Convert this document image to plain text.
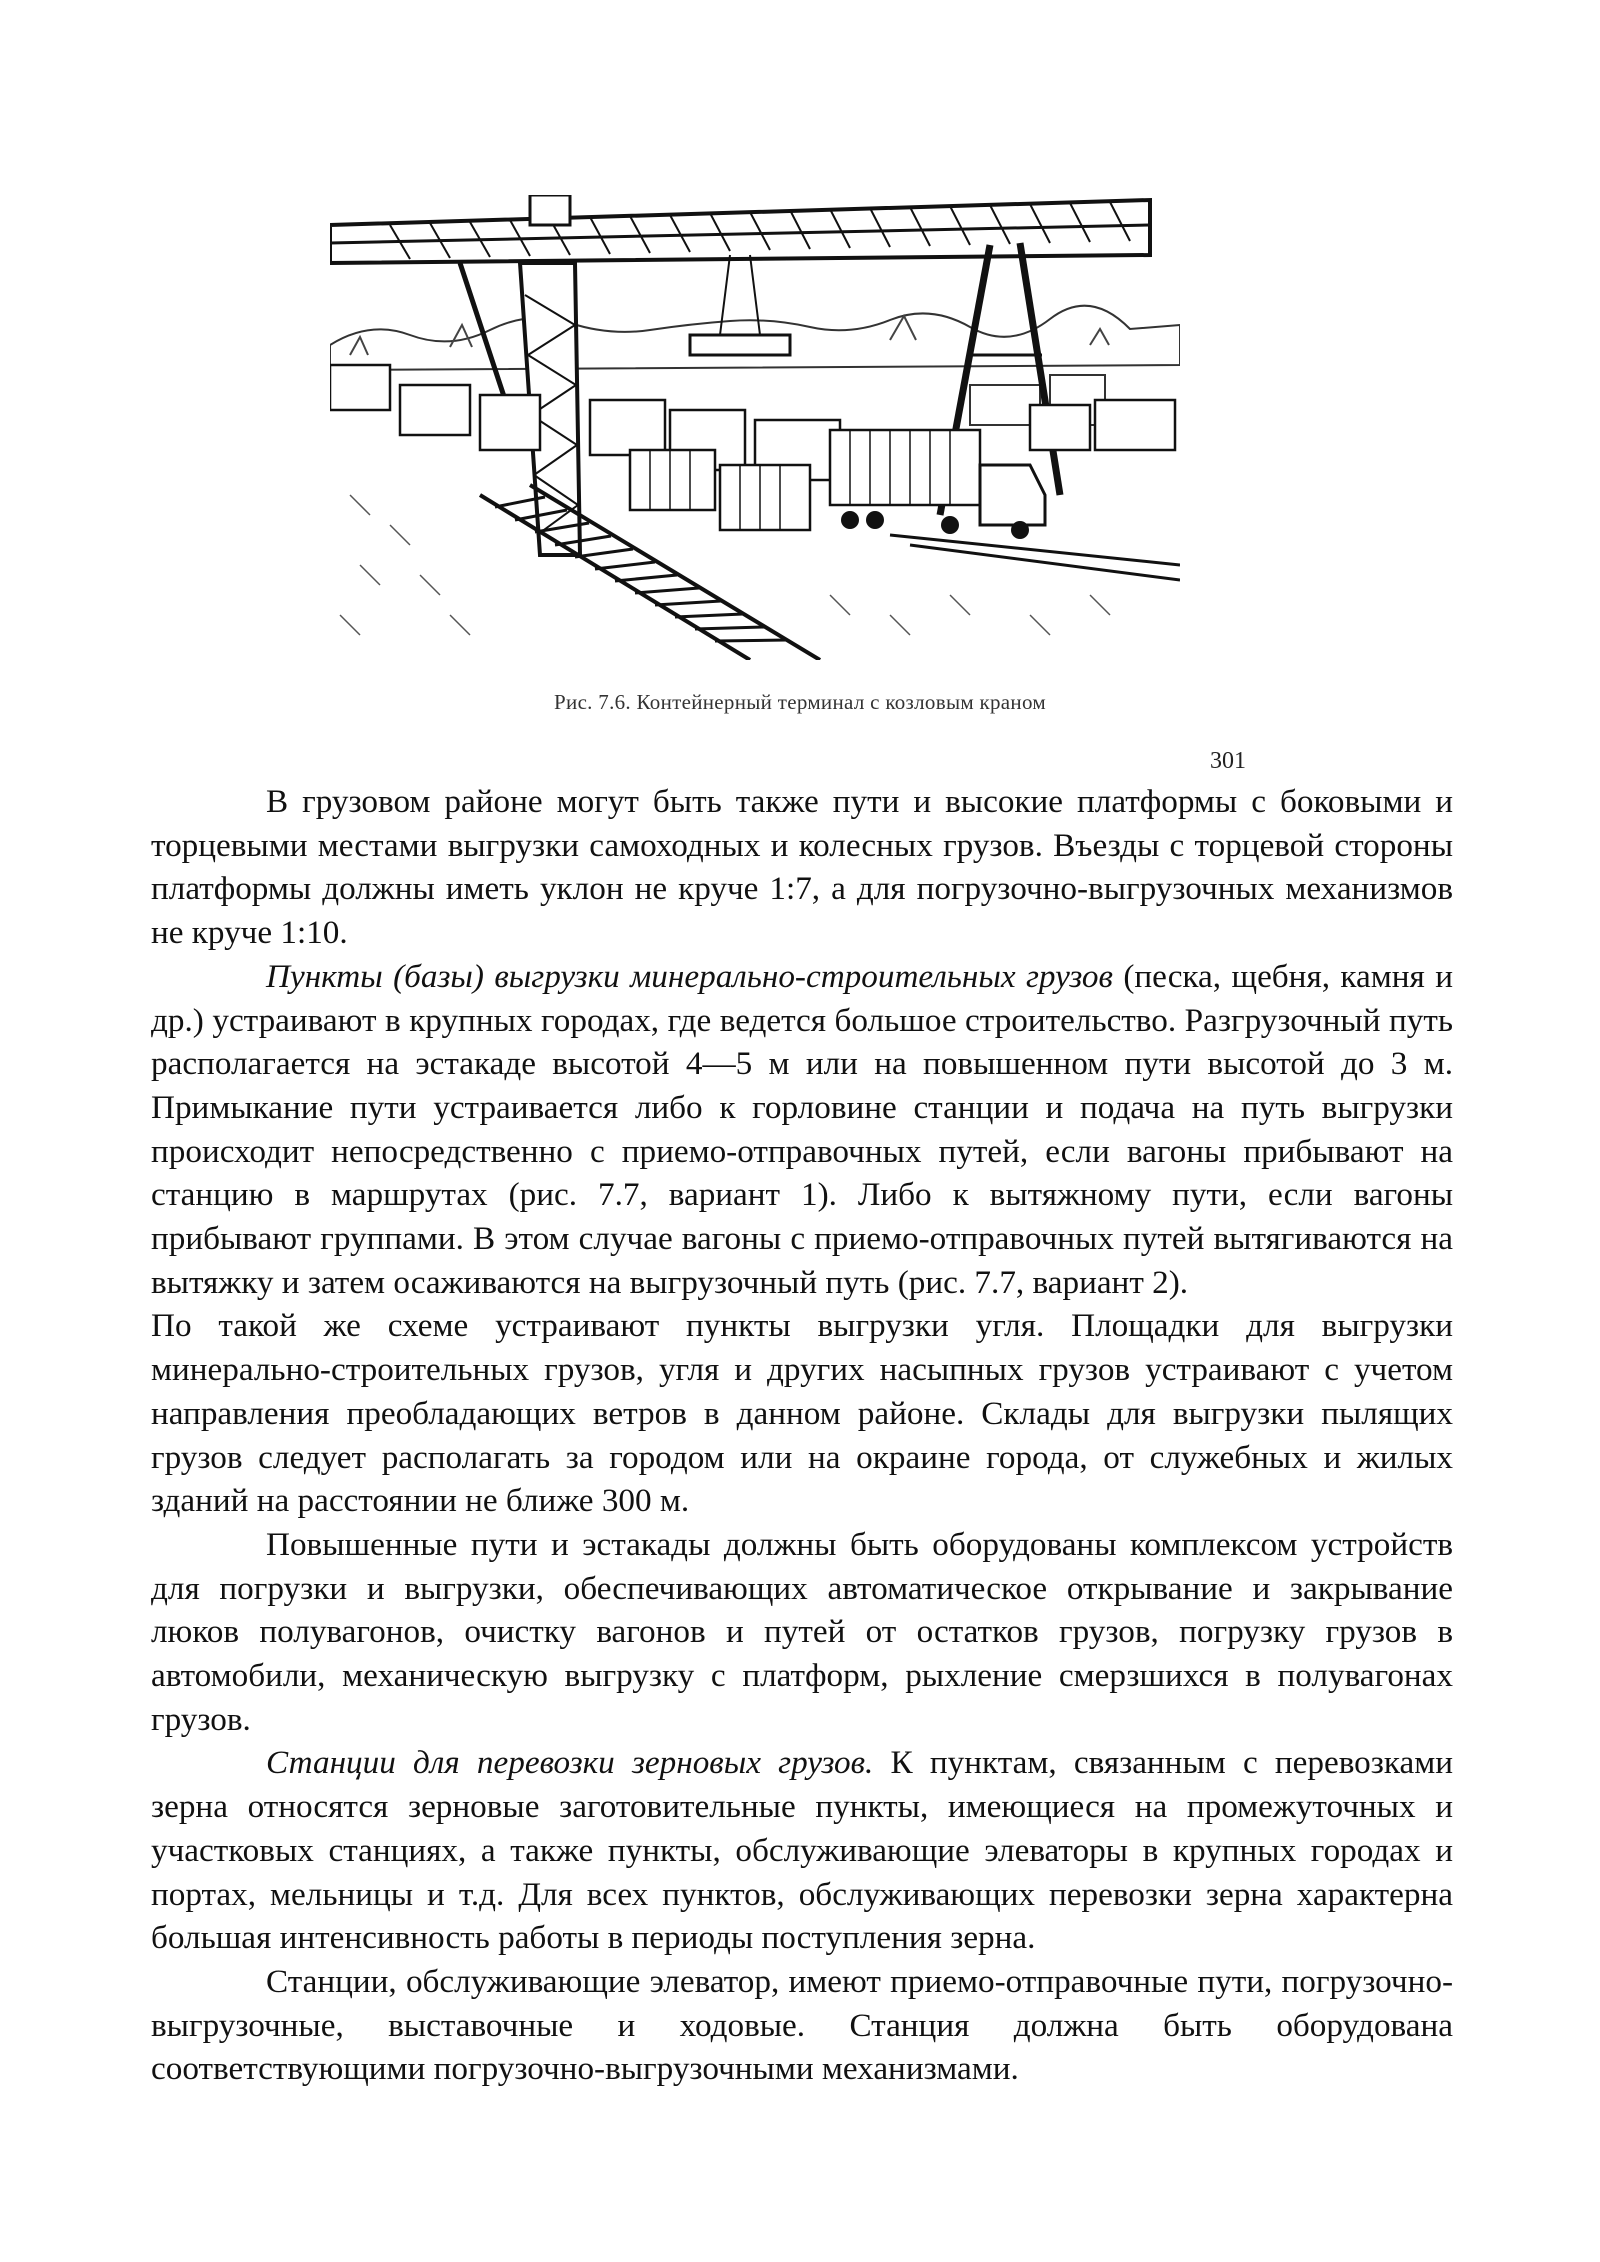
Рис. 7.6. Контейнерный терминал с козловым краном
301

В грузовом районе могут быть также пути и высокие платформы с боковыми и торцевыми местами выгрузки самоходных и колесных грузов. Въезды с торцевой стороны платформы должны иметь уклон не круче 1:7, а для погрузочно-выгрузочных механизмов не круче 1:10.

Пункты (базы) выгрузки минерально-строительных грузов (песка, щебня, камня и др.) устраивают в крупных городах, где ведется большое строительство. Разгрузочный путь располагается на эстакаде высотой 4—5 м или на повышенном пути высотой до 3 м. Примыкание пути устраивается либо к горловине станции и подача на путь выгрузки происходит непосредственно с приемо-отправочных путей, если вагоны прибывают на станцию в маршрутах (рис. 7.7, вариант 1). Либо к вытяжному пути, если вагоны прибывают группами. В этом случае вагоны с приемо-отправочных путей вытягиваются на вытяжку и затем осаживаются на выгрузочный путь (рис. 7.7, вариант 2).

По такой же схеме устраивают пункты выгрузки угля. Площадки для выгрузки минерально-строительных грузов, угля и других насыпных грузов устраивают с учетом направления преобладающих ветров в данном районе. Склады для выгрузки пылящих грузов следует располагать за городом или на окраине города, от служебных и жилых зданий на расстоянии не ближе 300 м.

Повышенные пути и эстакады должны быть оборудованы комплексом устройств для погрузки и выгрузки, обеспечивающих автоматическое открывание и закрывание люков полувагонов, очистку вагонов и путей от остатков грузов, погрузку грузов в автомобили, механическую выгрузку с платформ, рыхление смерзшихся в полувагонах грузов.

Станции для перевозки зерновых грузов. К пунктам, связанным с перевозками зерна относятся зерновые заготовительные пункты, имеющиеся на промежуточных и участковых станциях, а также пункты, обслуживающие элеваторы в крупных городах и портах, мельницы и т.д. Для всех пунктов, обслуживающих перевозки зерна характерна большая интенсивность работы в периоды поступления зерна.

Станции, обслуживающие элеватор, имеют приемо-отправочные пути, погрузочно-выгрузочные, выставочные и ходовые. Станция должна быть оборудована соответствующими погрузочно-выгрузочными механизмами.
